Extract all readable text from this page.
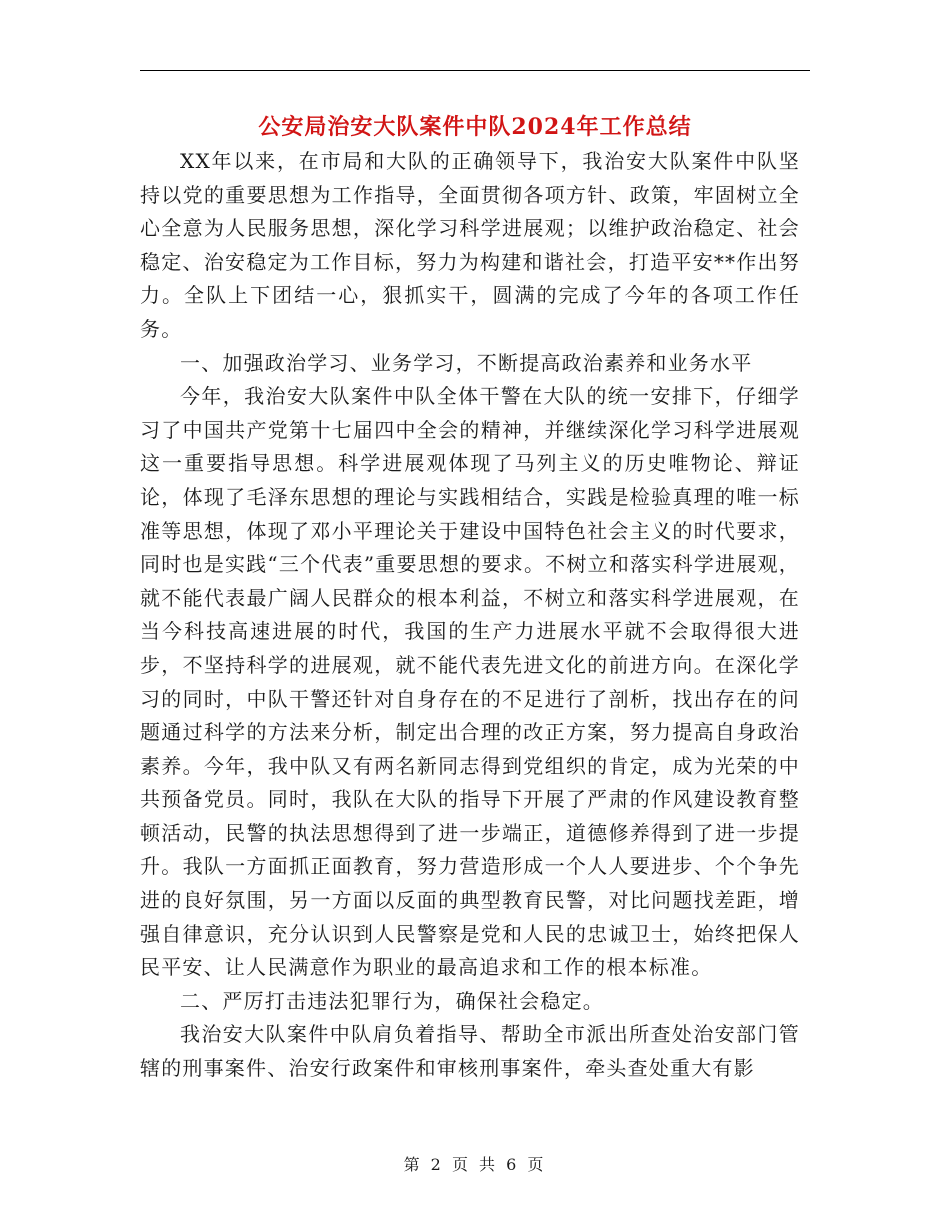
公安局治安大队案件中队2024年工作总结

XX年以来，在市局和大队的正确领导下，我治安大队案件中队坚持以党的重要思想为工作指导，全面贯彻各项方针、政策，牢固树立全心全意为人民服务思想，深化学习科学进展观；以维护政治稳定、社会稳定、治安稳定为工作目标，努力为构建和谐社会，打造平安**作出努力。全队上下团结一心，狠抓实干，圆满的完成了今年的各项工作任务。

一、加强政治学习、业务学习，不断提高政治素养和业务水平

今年，我治安大队案件中队全体干警在大队的统一安排下，仔细学习了中国共产党第十七届四中全会的精神，并继续深化学习科学进展观这一重要指导思想。科学进展观体现了马列主义的历史唯物论、辩证论，体现了毛泽东思想的理论与实践相结合，实践是检验真理的唯一标准等思想，体现了邓小平理论关于建设中国特色社会主义的时代要求，同时也是实践“三个代表”重要思想的要求。不树立和落实科学进展观，就不能代表最广阔人民群众的根本利益，不树立和落实科学进展观，在当今科技高速进展的时代，我国的生产力进展水平就不会取得很大进步，不坚持科学的进展观，就不能代表先进文化的前进方向。在深化学习的同时，中队干警还针对自身存在的不足进行了剖析，找出存在的问题通过科学的方法来分析，制定出合理的改正方案，努力提高自身政治素养。今年，我中队又有两名新同志得到党组织的肯定，成为光荣的中共预备党员。同时，我队在大队的指导下开展了严肃的作风建设教育整顿活动，民警的执法思想得到了进一步端正，道德修养得到了进一步提升。我队一方面抓正面教育，努力营造形成一个人人要进步、个个争先进的良好氛围，另一方面以反面的典型教育民警，对比问题找差距，增强自律意识，充分认识到人民警察是党和人民的忠诚卫士，始终把保人民平安、让人民满意作为职业的最高追求和工作的根本标准。

二、严厉打击违法犯罪行为，确保社会稳定。

我治安大队案件中队肩负着指导、帮助全市派出所查处治安部门管辖的刑事案件、治安行政案件和审核刑事案件，牵头查处重大有影

第 2 页 共 6 页
